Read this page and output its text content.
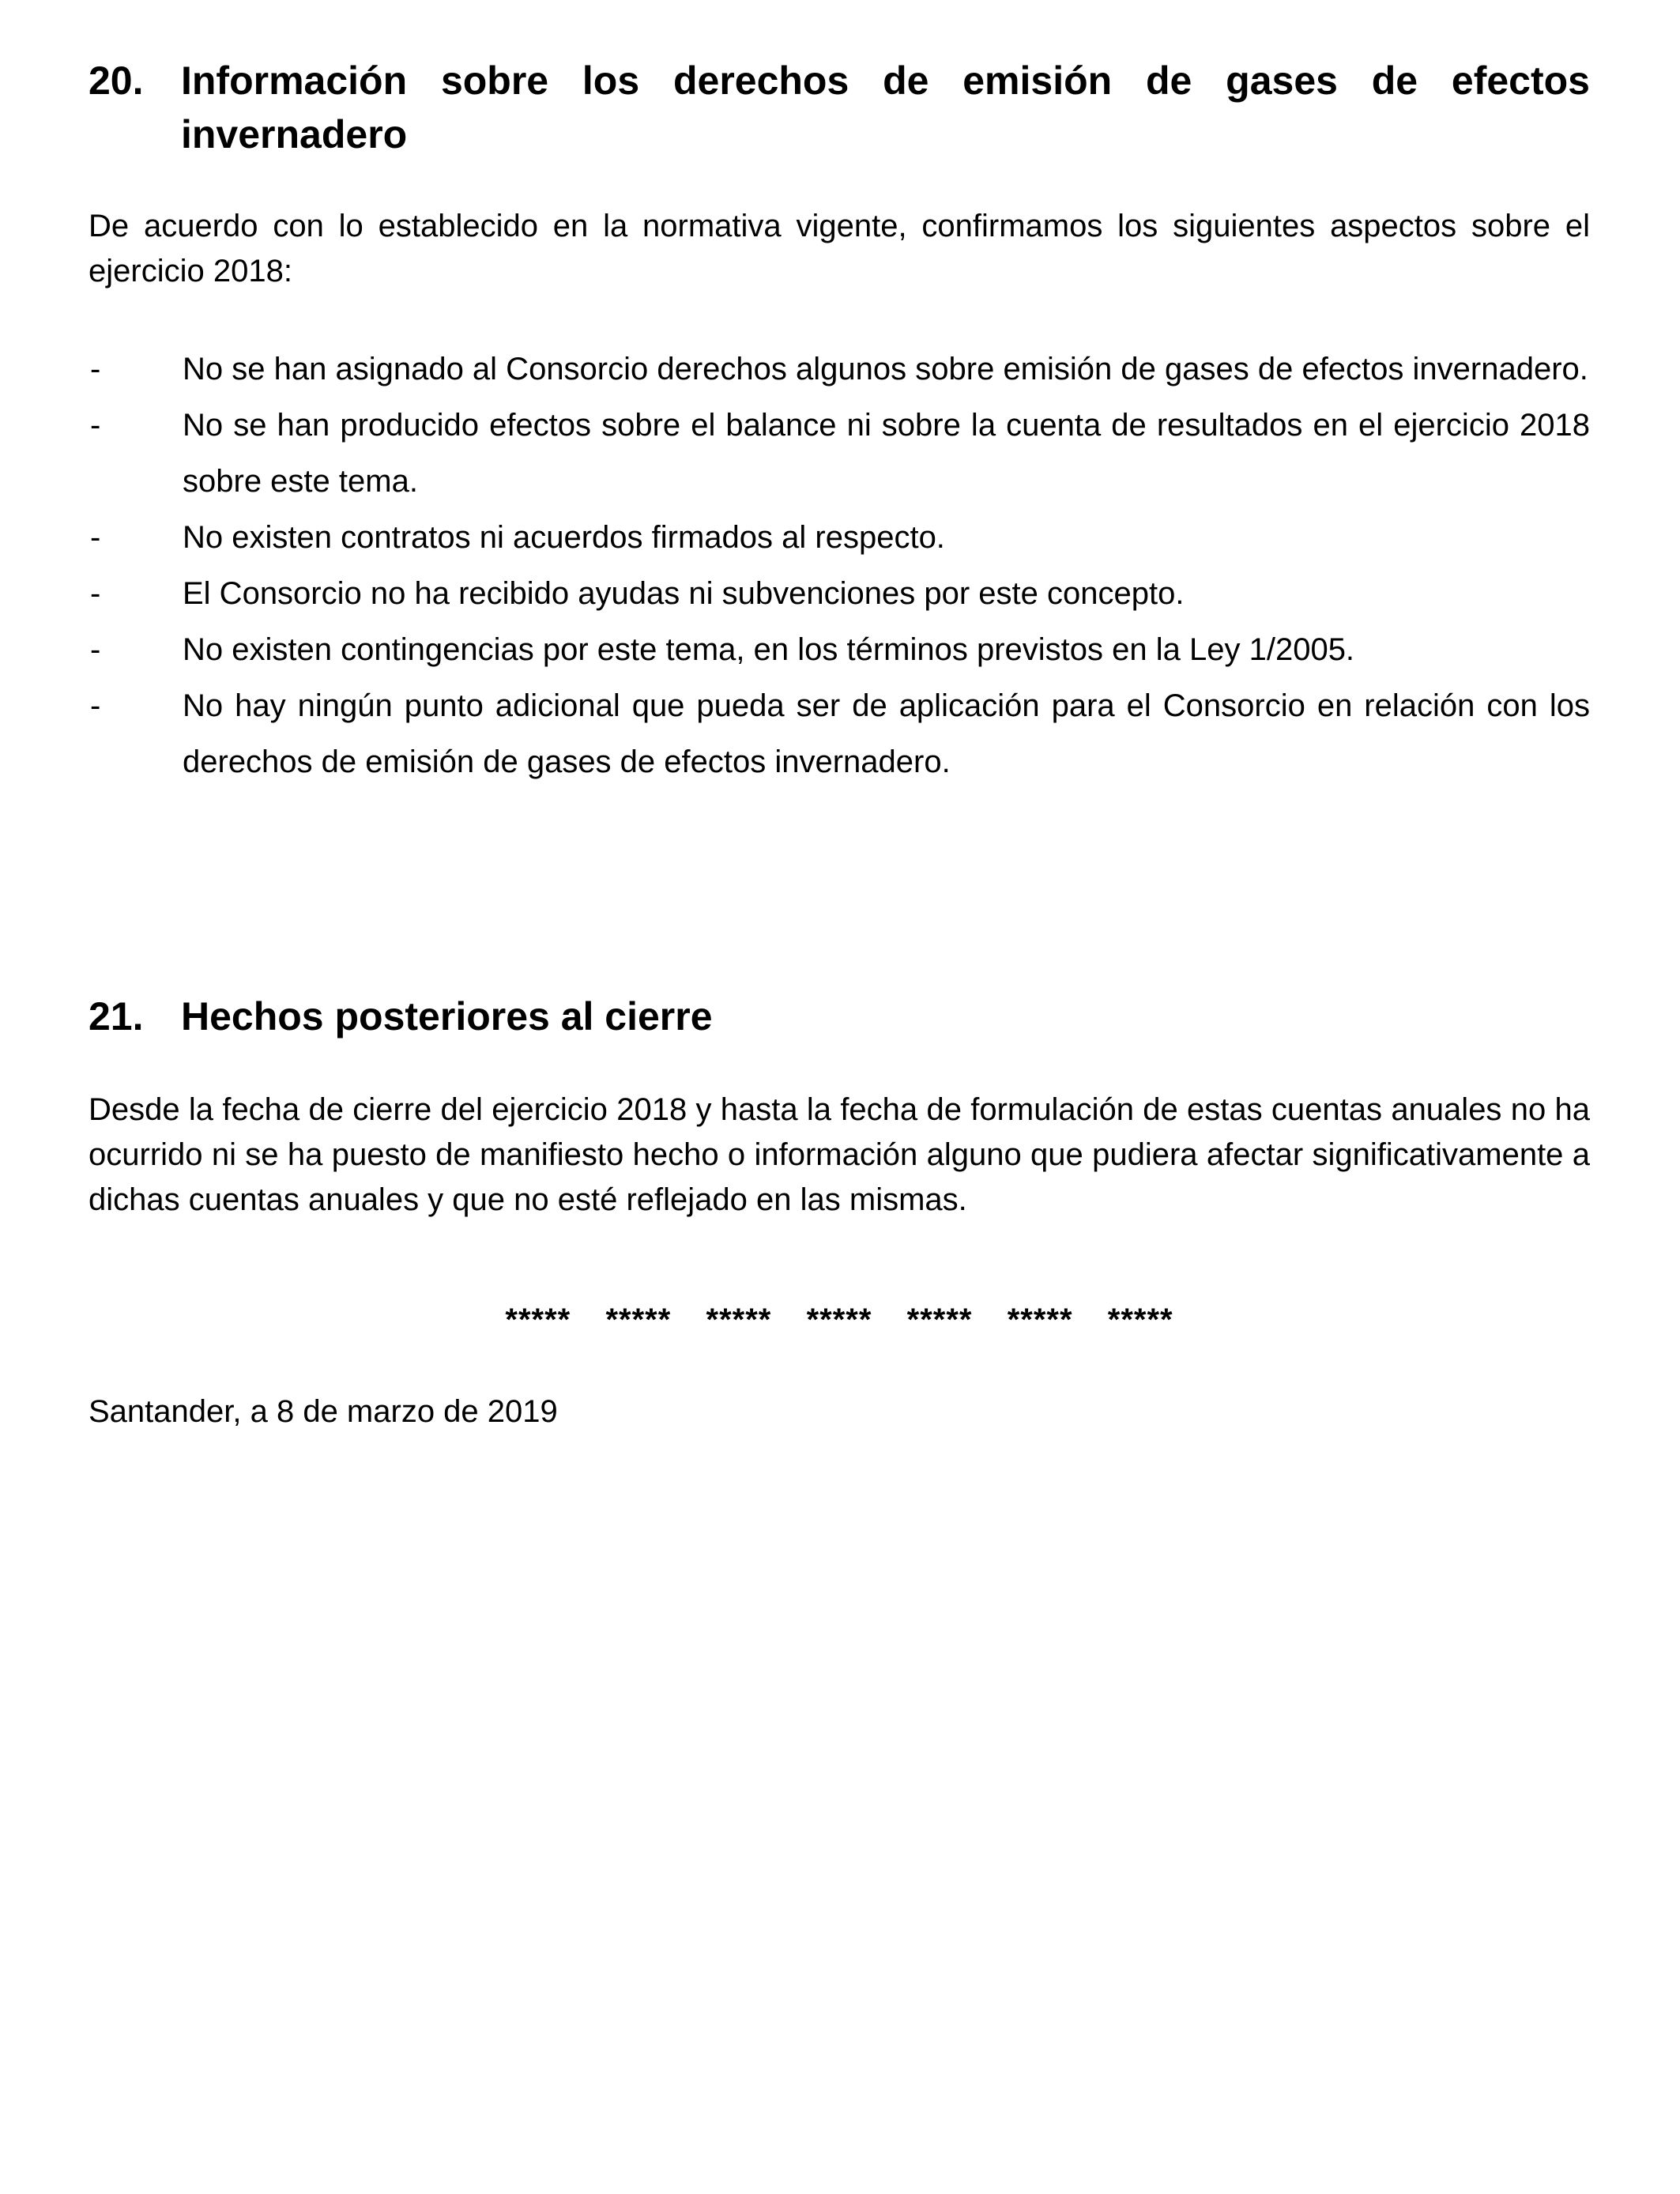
20. Información sobre los derechos de emisión de gases de efectos invernadero

De acuerdo con lo establecido en la normativa vigente, confirmamos los siguientes aspectos sobre el ejercicio 2018:

-	No se han asignado al Consorcio derechos algunos sobre emisión de gases de efectos invernadero.
-	No se han producido efectos sobre el balance ni sobre la cuenta de resultados en el ejercicio 2018 sobre este tema.
-	No existen contratos ni acuerdos firmados al respecto.
-	El Consorcio no ha recibido ayudas ni subvenciones por este concepto.
-	No existen contingencias por este tema, en los términos previstos en la Ley 1/2005.
-	No hay ningún punto adicional que pueda ser de aplicación para el Consorcio en relación con los derechos de emisión de gases de efectos invernadero.
21. Hechos posteriores al cierre

Desde la fecha de cierre del ejercicio 2018 y hasta la fecha de formulación de estas cuentas anuales no ha ocurrido ni se ha puesto de manifiesto hecho o información alguno que pudiera afectar significativamente a dichas cuentas anuales y que no esté reflejado en las mismas.

*****  *****  *****  *****  *****  *****  *****
Santander, a 8 de marzo de 2019
